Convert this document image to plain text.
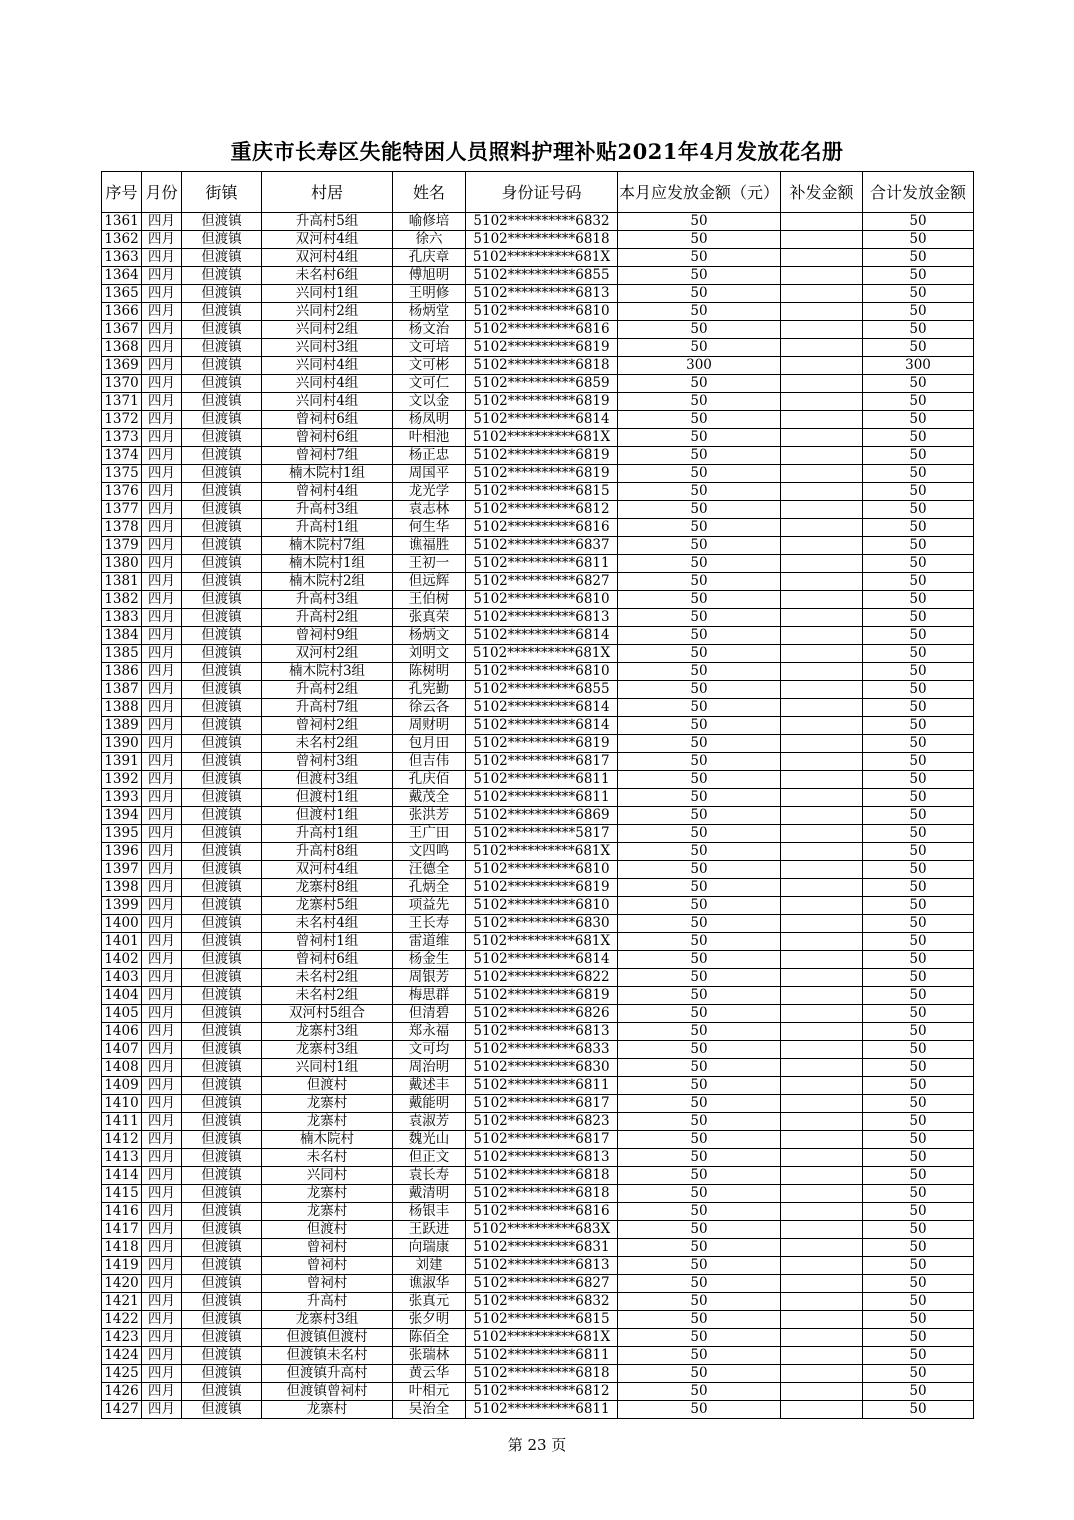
重庆市长寿区失能特困人员照料护理补贴2021年4月发放花名册
序号	月份	街镇	村居	姓名	身份证号码	本月应发放金额（元）	补发金额	合计发放金额
1361	四月	但渡镇	升高村5组	喻修培	5102**********6832	50		50
1362	四月	但渡镇	双河村4组	徐六	5102**********6818	50		50
1363	四月	但渡镇	双河村4组	孔庆章	5102**********681X	50		50
1364	四月	但渡镇	未名村6组	傅旭明	5102**********6855	50		50
1365	四月	但渡镇	兴同村1组	王明修	5102**********6813	50		50
1366	四月	但渡镇	兴同村2组	杨炳堂	5102**********6810	50		50
1367	四月	但渡镇	兴同村2组	杨文治	5102**********6816	50		50
1368	四月	但渡镇	兴同村3组	文可培	5102**********6819	50		50
1369	四月	但渡镇	兴同村4组	文可彬	5102**********6818	300		300
1370	四月	但渡镇	兴同村4组	文可仁	5102**********6859	50		50
1371	四月	但渡镇	兴同村4组	文以金	5102**********6819	50		50
1372	四月	但渡镇	曾祠村6组	杨凤明	5102**********6814	50		50
1373	四月	但渡镇	曾祠村6组	叶相池	5102**********681X	50		50
1374	四月	但渡镇	曾祠村7组	杨正忠	5102**********6819	50		50
1375	四月	但渡镇	楠木院村1组	周国平	5102**********6819	50		50
1376	四月	但渡镇	曾祠村4组	龙光学	5102**********6815	50		50
1377	四月	但渡镇	升高村3组	袁志林	5102**********6812	50		50
1378	四月	但渡镇	升高村1组	何生华	5102**********6816	50		50
1379	四月	但渡镇	楠木院村7组	谯福胜	5102**********6837	50		50
1380	四月	但渡镇	楠木院村1组	王初一	5102**********6811	50		50
1381	四月	但渡镇	楠木院村2组	但远辉	5102**********6827	50		50
1382	四月	但渡镇	升高村3组	王伯树	5102**********6810	50		50
1383	四月	但渡镇	升高村2组	张真荣	5102**********6813	50		50
1384	四月	但渡镇	曾祠村9组	杨炳文	5102**********6814	50		50
1385	四月	但渡镇	双河村2组	刘明文	5102**********681X	50		50
1386	四月	但渡镇	楠木院村3组	陈树明	5102**********6810	50		50
1387	四月	但渡镇	升高村2组	孔宪勤	5102**********6855	50		50
1388	四月	但渡镇	升高村7组	徐云各	5102**********6814	50		50
1389	四月	但渡镇	曾祠村2组	周财明	5102**********6814	50		50
1390	四月	但渡镇	未名村2组	包月田	5102**********6819	50		50
1391	四月	但渡镇	曾祠村3组	但吉伟	5102**********6817	50		50
1392	四月	但渡镇	但渡村3组	孔庆佰	5102**********6811	50		50
1393	四月	但渡镇	但渡村1组	戴茂全	5102**********6811	50		50
1394	四月	但渡镇	但渡村1组	张洪芳	5102**********6869	50		50
1395	四月	但渡镇	升高村1组	王广田	5102**********5817	50		50
1396	四月	但渡镇	升高村8组	文四鸣	5102**********681X	50		50
1397	四月	但渡镇	双河村4组	汪德全	5102**********6810	50		50
1398	四月	但渡镇	龙寨村8组	孔炳全	5102**********6819	50		50
1399	四月	但渡镇	龙寨村5组	项益先	5102**********6810	50		50
1400	四月	但渡镇	未名村4组	王长寿	5102**********6830	50		50
1401	四月	但渡镇	曾祠村1组	雷道维	5102**********681X	50		50
1402	四月	但渡镇	曾祠村6组	杨金生	5102**********6814	50		50
1403	四月	但渡镇	未名村2组	周银芳	5102**********6822	50		50
1404	四月	但渡镇	未名村2组	梅思群	5102**********6819	50		50
1405	四月	但渡镇	双河村5组合	但清碧	5102**********6826	50		50
1406	四月	但渡镇	龙寨村3组	郑永福	5102**********6813	50		50
1407	四月	但渡镇	龙寨村3组	文可均	5102**********6833	50		50
1408	四月	但渡镇	兴同村1组	周治明	5102**********6830	50		50
1409	四月	但渡镇	但渡村	戴述丰	5102**********6811	50		50
1410	四月	但渡镇	龙寨村	戴能明	5102**********6817	50		50
1411	四月	但渡镇	龙寨村	袁淑芳	5102**********6823	50		50
1412	四月	但渡镇	楠木院村	魏光山	5102**********6817	50		50
1413	四月	但渡镇	未名村	但正文	5102**********6813	50		50
1414	四月	但渡镇	兴同村	袁长寿	5102**********6818	50		50
1415	四月	但渡镇	龙寨村	戴清明	5102**********6818	50		50
1416	四月	但渡镇	龙寨村	杨银丰	5102**********6816	50		50
1417	四月	但渡镇	但渡村	王跃进	5102**********683X	50		50
1418	四月	但渡镇	曾祠村	向瑞康	5102**********6831	50		50
1419	四月	但渡镇	曾祠村	刘建	5102**********6813	50		50
1420	四月	但渡镇	曾祠村	谯淑华	5102**********6827	50		50
1421	四月	但渡镇	升高村	张真元	5102**********6832	50		50
1422	四月	但渡镇	龙寨村3组	张夕明	5102**********6815	50		50
1423	四月	但渡镇	但渡镇但渡村	陈佰全	5102**********681X	50		50
1424	四月	但渡镇	但渡镇未名村	张瑞林	5102**********6811	50		50
1425	四月	但渡镇	但渡镇升高村	黄云华	5102**********6818	50		50
1426	四月	但渡镇	但渡镇曾祠村	叶相元	5102**********6812	50		50
1427	四月	但渡镇	龙寨村	吴治全	5102**********6811	50		50
第 23 页
